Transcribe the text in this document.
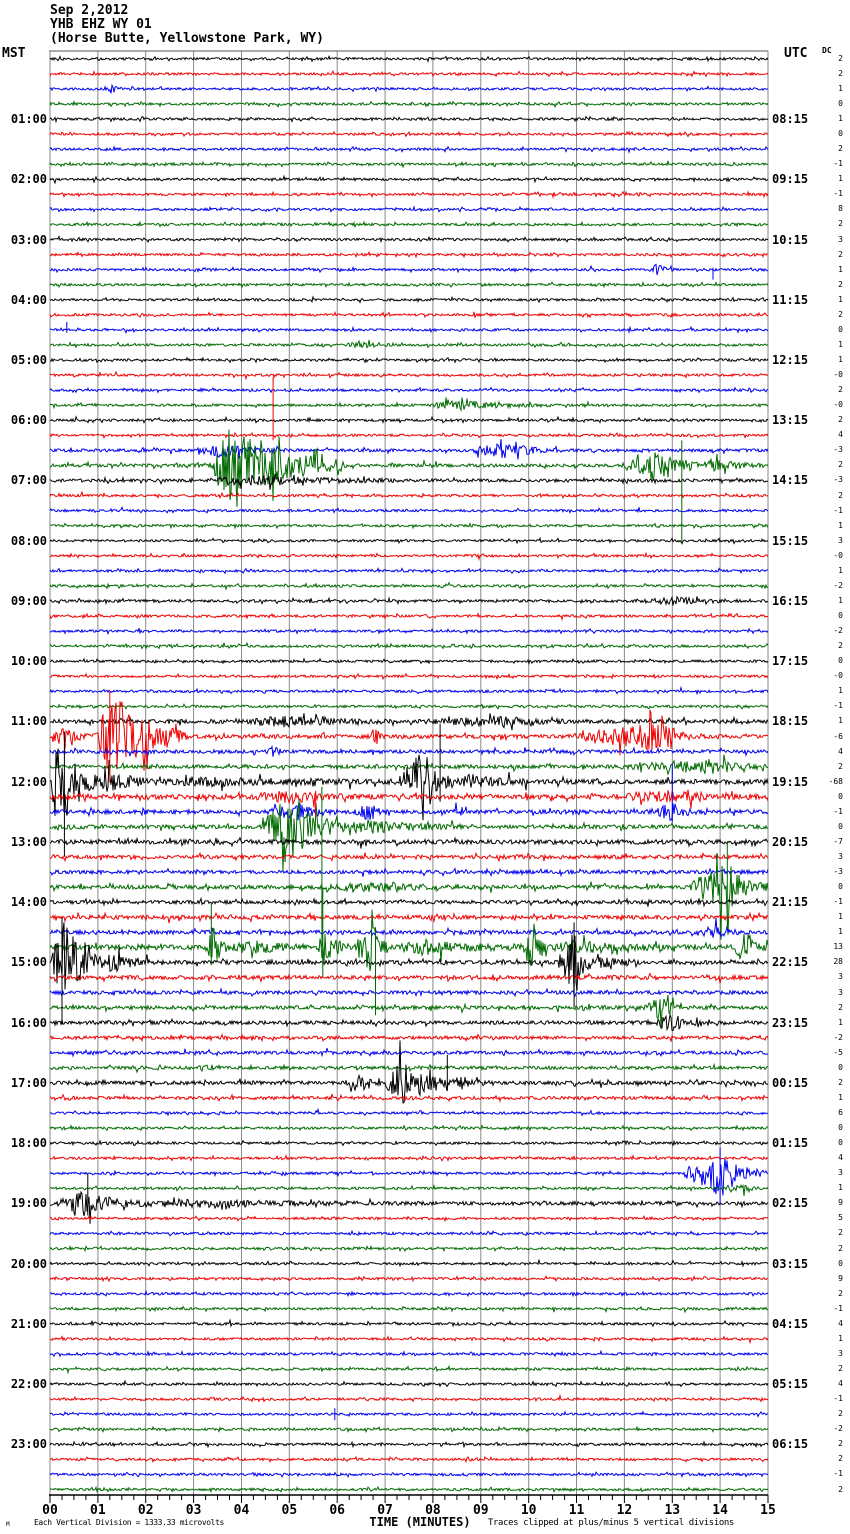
Sep 2,2012
YHB EHZ WY 01
(Horse Butte, Yellowstone Park, WY)
MST	UTC DC
01:00
02:00
03:00
04:00
05:00
06:00
07:00
08:00
09:00
10:00
11:00
12:00
13:00
14:00
15:00
16:00
17:00
18:00
19:00
20:00
21:00
22:00
23:00
08:15
09:15
10:15
11:15
12:15
13:15
14:15
15:15
16:15
17:15
18:15
19:15
20:15
21:15
22:15
23:15
00:15
01:15
02:15
03:15
04:15
05:15
06:15
2
2
1
0
1
0
2
-1
1
-1
8
2
3
2
1
2
1
2
0
1
1
-0
2
-0
2
4
-3
2
-3
2
-1
1
3
-0
1
-2
1
0
-2
2
0
-0
1
-1
1
-6
4
2
-68
0
-1
0
-7
3
-3
0
-1
1
1
13
28
3
3
2
1
-2
-5
0
2
1
6
0
0
4
3
1
9
5
2
2
0
9
2
-1
4
1
3
2
4
-1
2
-2
2
2
-1
2
00	01	02	03	04	05	06	07	08	09	10	11	12	13	14	15
M	Each Vertical Division = 1333.33 microvolts	TIME (MINUTES) Traces clipped at plus/minus 5 vertical divisions
